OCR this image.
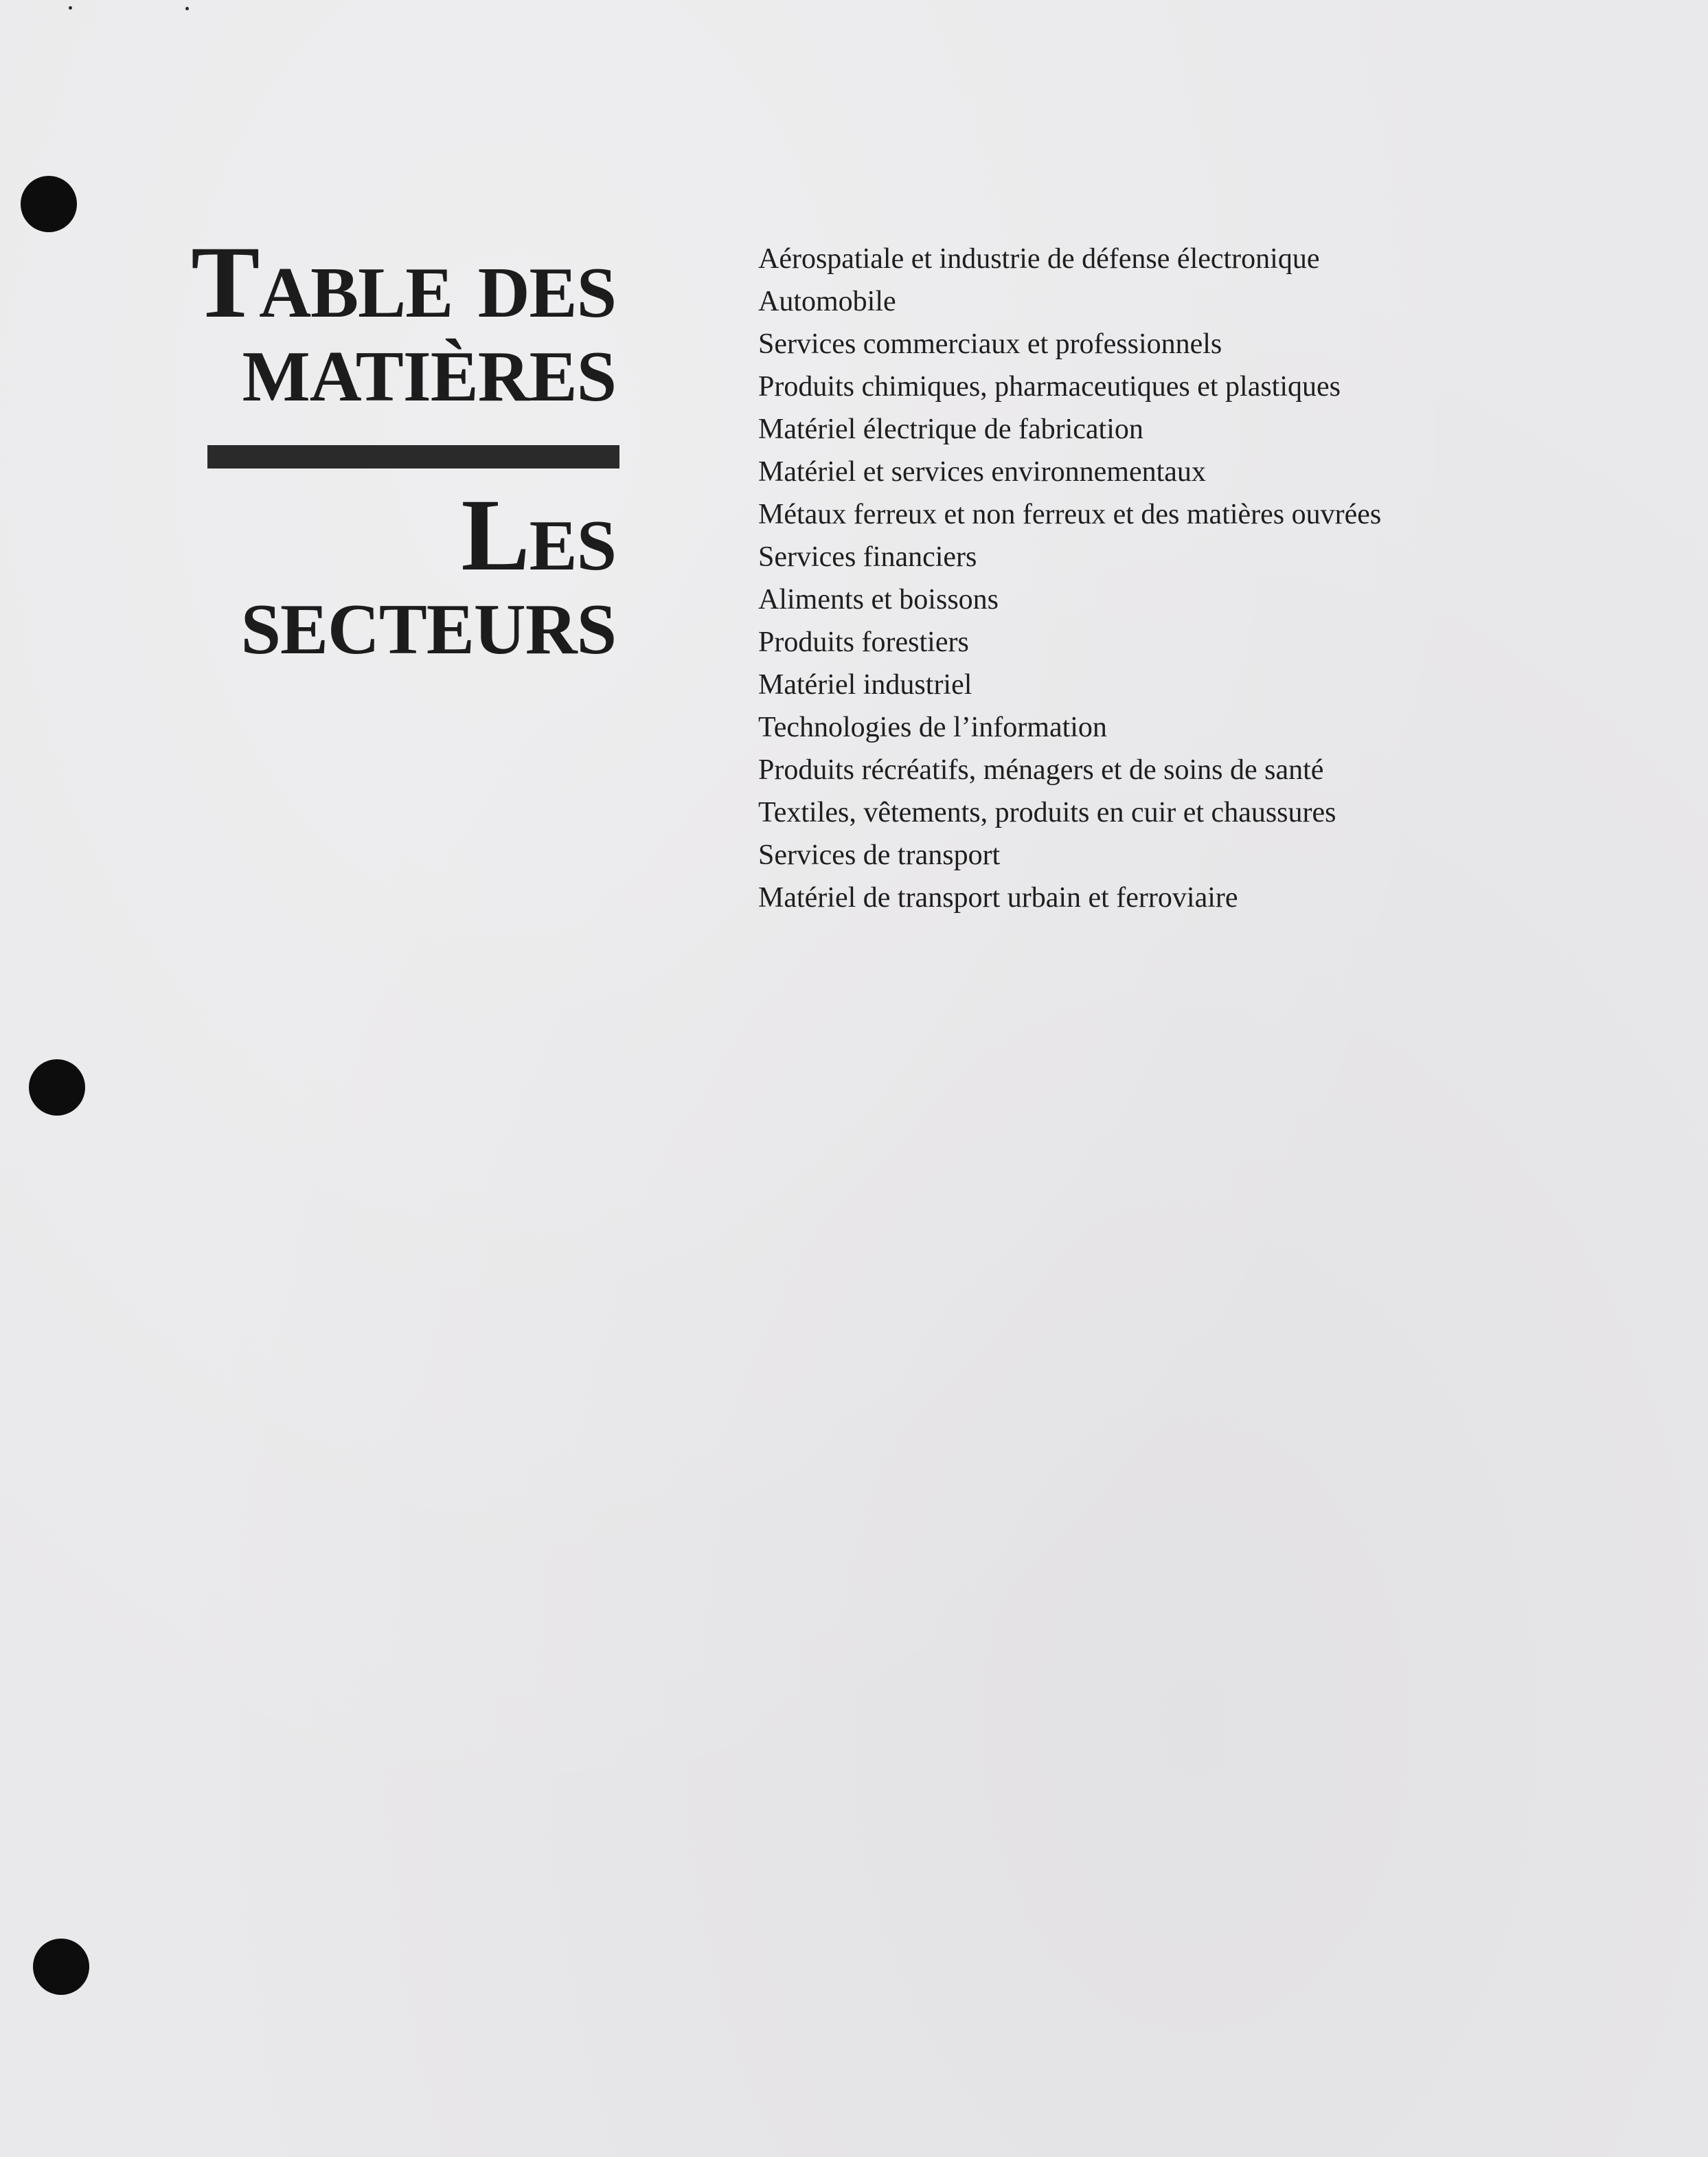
Table des
matières
Les
secteurs
Aérospatiale et industrie de défense électronique
Automobile
Services commerciaux et professionnels
Produits chimiques, pharmaceutiques et plastiques
Matériel électrique de fabrication
Matériel et services environnementaux
Métaux ferreux et non ferreux et des matières ouvrées
Services financiers
Aliments et boissons
Produits forestiers
Matériel industriel
Technologies de l’information
Produits récréatifs, ménagers et de soins de santé
Textiles, vêtements, produits en cuir et chaussures
Services de transport
Matériel de transport urbain et ferroviaire
